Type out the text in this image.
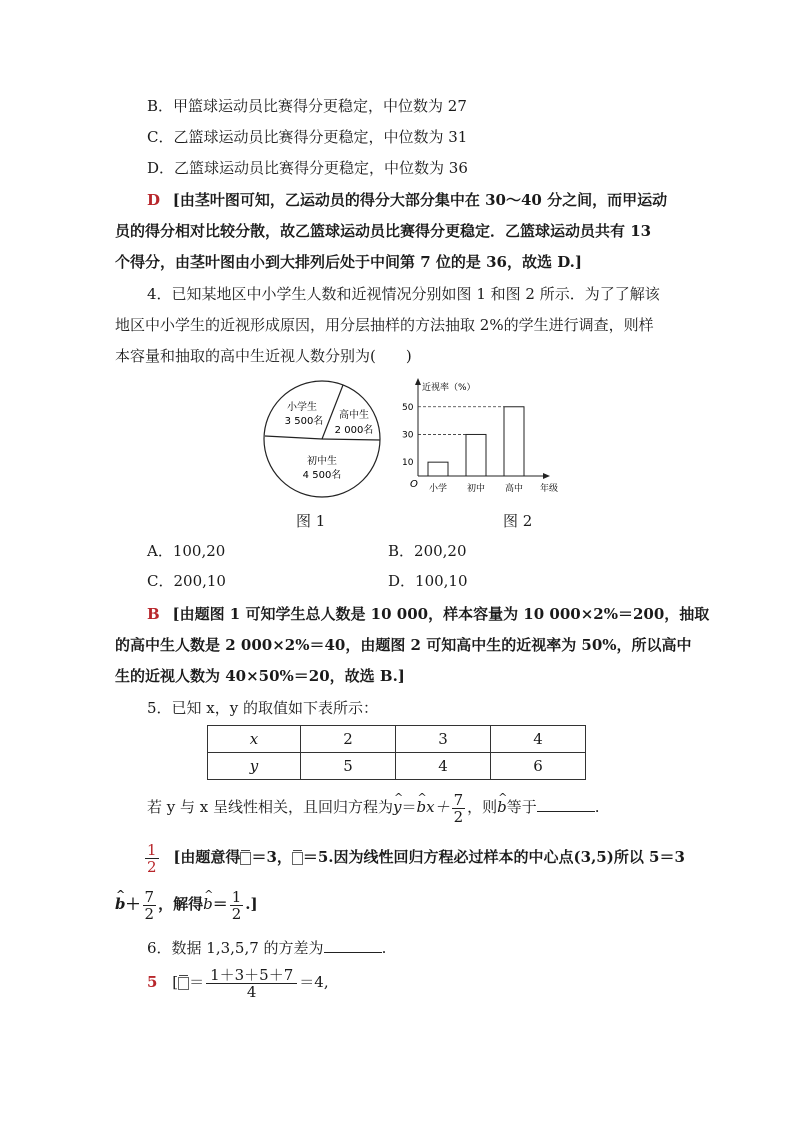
B．甲篮球运动员比赛得分更稳定，中位数为 27
C．乙篮球运动员比赛得分更稳定，中位数为 31
D．乙篮球运动员比赛得分更稳定，中位数为 36
D [由茎叶图可知，乙运动员的得分大部分集中在 30～40 分之间，而甲运动
员的得分相对比较分散，故乙篮球运动员比赛得分更稳定．乙篮球运动员共有 13
个得分，由茎叶图由小到大排列后处于中间第 7 位的是 36，故选 D.]
4．已知某地区中小学生人数和近视情况分别如图 1 和图 2 所示．为了了解该
地区中小学生的近视形成原因，用分层抽样的方法抽取 2%的学生进行调查，则样
本容量和抽取的高中生近视人数分别为(　　)
小学生
3 500名
高中生
2 000名
初中生
4 500名
近视率（%）
O	年级
10
30
50
小学 初中 高中
图 1	图 2
A．100,20	B．200,20
C．200,10	D．100,10
B [由题图 1 可知学生总人数是 10 000，样本容量为 10 000×2%＝200，抽取
的高中生人数是 2 000×2%＝40，由题图 2 可知高中生的近视率为 50%，所以高中
生的近视人数为 40×50%＝20，故选 B.]
5．已知 x，y 的取值如下表所示：
x	2	3	4
y	5	4	6
若 y 与 x 呈线性相关，且回归方程为^ y＝^ $bx+ \frac{7}{2}$ ，则^ b等于	.
$\frac{1}{2}$ [由题意得 ＝3， ＝5.因为线性回归方程必过样本的中心点(3,5)所以 5＝3
^ $b+ \frac{7}{2}$ ，解得^ $b= \frac{1}{2}$ .]
6．数据 1,3,5,7 的方差为	.
5 [ ＝ $\frac{1+3+5+7}{4} =4$,
